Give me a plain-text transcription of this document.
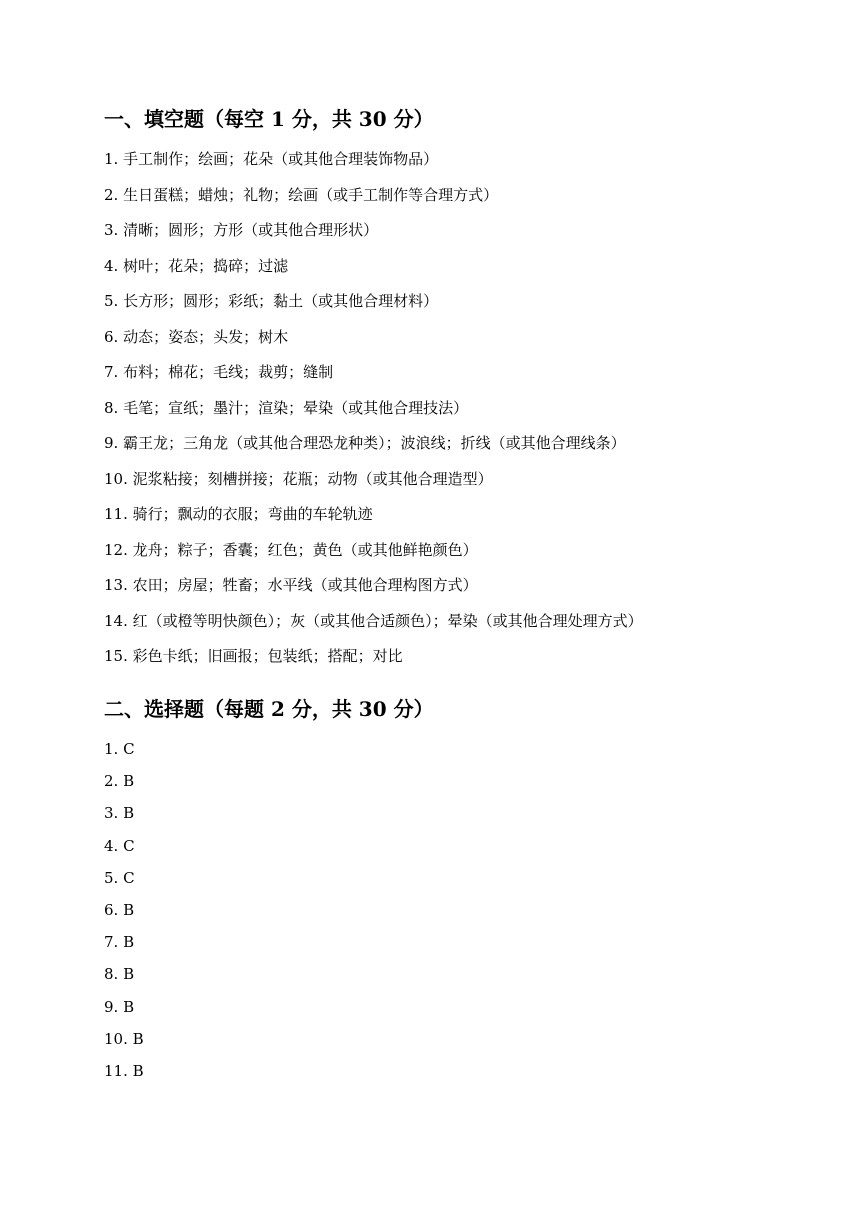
一、填空题（每空 1 分，共 30 分）
1. 手工制作；绘画；花朵（或其他合理装饰物品）
2. 生日蛋糕；蜡烛；礼物；绘画（或手工制作等合理方式）
3. 清晰；圆形；方形（或其他合理形状）
4. 树叶；花朵；捣碎；过滤
5. 长方形；圆形；彩纸；黏土（或其他合理材料）
6. 动态；姿态；头发；树木
7. 布料；棉花；毛线；裁剪；缝制
8. 毛笔；宣纸；墨汁；渲染；晕染（或其他合理技法）
9. 霸王龙；三角龙（或其他合理恐龙种类）；波浪线；折线（或其他合理线条）
10. 泥浆粘接；刻槽拼接；花瓶；动物（或其他合理造型）
11. 骑行；飘动的衣服；弯曲的车轮轨迹
12. 龙舟；粽子；香囊；红色；黄色（或其他鲜艳颜色）
13. 农田；房屋；牲畜；水平线（或其他合理构图方式）
14. 红（或橙等明快颜色）；灰（或其他合适颜色）；晕染（或其他合理处理方式）
15. 彩色卡纸；旧画报；包装纸；搭配；对比
二、选择题（每题 2 分，共 30 分）
1. C
2. B
3. B
4. C
5. C
6. B
7. B
8. B
9. B
10. B
11. B
